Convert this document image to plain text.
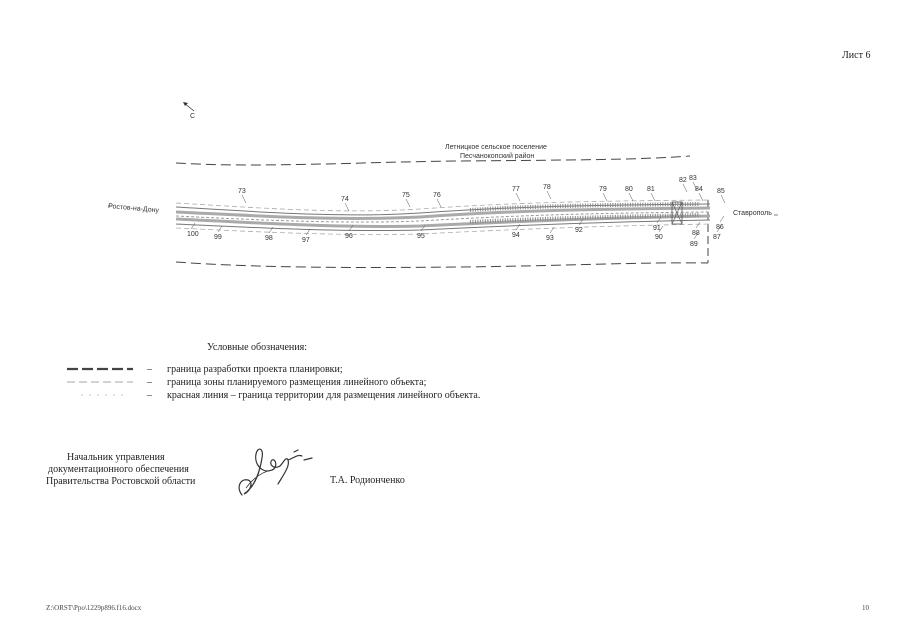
Лист 6
С
Летницкое сельское поселение
Песчанокопский район
Ростов-на-Дону	Ставрополь
73
74
75	76
77	78	79	80 81
82 83
84 85
100 99	98	97
96	95	94	93
92	91
90
89
88
87
86
Условные обозначения:
– граница разработки проекта планировки;
– граница зоны планируемого размещения линейного объекта;
– красная линия – граница территории для размещения линейного объекта.
Начальник управления
документационного обеспечения
Правительства Ростовской области	Т.А. Родионченко
Z:\ORST\Ppo\1229p896.f16.docx	10
